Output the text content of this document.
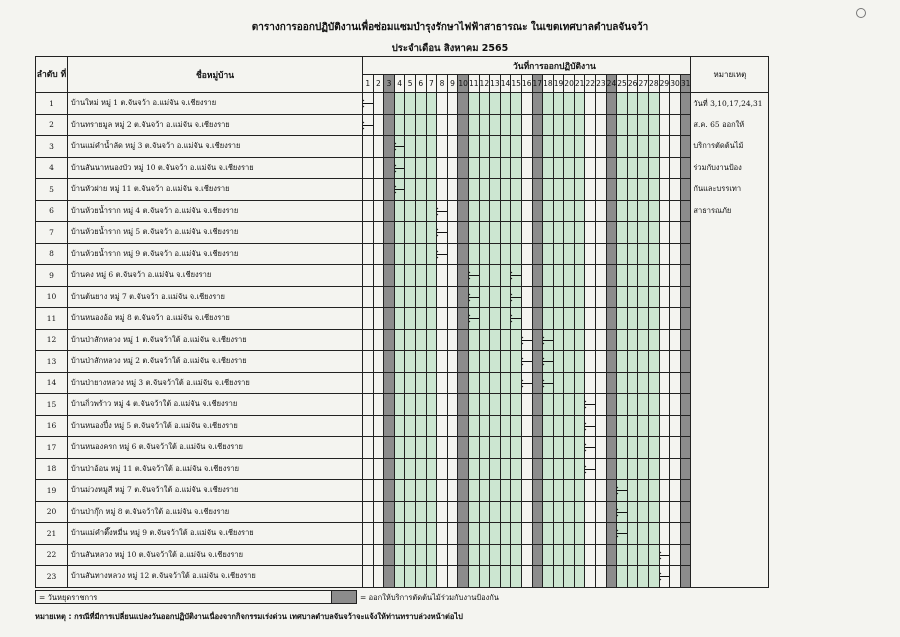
ตารางการออกปฏิบัติงานเพื่อซ่อมแซมบำรุงรักษาไฟฟ้าสาธารณะ ในเขตเทศบาลตำบลจันจว้า
ประจำเดือน สิงหาคม 2565
ลำดับ ที่	ชื่อหมู่บ้าน	วันที่การออกปฏิบัติงาน																															หมายเหตุ
		1	2	3	4	5	6	7	8	9	10	11	12	13	14	15	16	17	18	19	20	21	22	23	24	25	26	27	28	29	30	31	
1	บ้านใหม่ หมู่ 1 ต.จันจว้า อ.แม่จัน จ.เชียงราย																																วันที่ 3,10,17,24,31
2	บ้านทรายมูล หมู่ 2 ต.จันจว้า อ.แม่จัน จ.เชียงราย																																ส.ค. 65 ออกให้
3	บ้านแม่คำน้ำลัด หมู่ 3 ต.จันจว้า อ.แม่จัน จ.เชียงราย																																บริการตัดต้นไม้
4	บ้านสันนาหนองบัว หมู่ 10 ต.จันจว้า อ.แม่จัน จ.เชียงราย																																ร่วมกับงานป้อง
5	บ้านหัวฝาย หมู่ 11 ต.จันจว้า อ.แม่จัน จ.เชียงราย																																กันและบรรเทา
6	บ้านห้วยน้ำราก หมู่ 4 ต.จันจว้า อ.แม่จัน จ.เชียงราย																																สาธารณภัย
7	บ้านห้วยน้ำราก หมู่ 5 ต.จันจว้า อ.แม่จัน จ.เชียงราย								

8	บ้านห้วยน้ำราก หมู่ 9 ต.จันจว้า อ.แม่จัน จ.เชียงราย								

9	บ้านคง หมู่ 6 ต.จันจว้า อ.แม่จัน จ.เชียงราย											

10	บ้านต้นยาง หมู่ 7 ต.จันจว้า อ.แม่จัน จ.เชียงราย											

11	บ้านหนองอ้อ หมู่ 8 ต.จันจว้า อ.แม่จัน จ.เชียงราย											

12	บ้านป่าสักหลวง หมู่ 1 ต.จันจว้าใต้ อ.แม่จัน จ.เชียงราย																

13	บ้านป่าสักหลวง หมู่ 2 ต.จันจว้าใต้ อ.แม่จัน จ.เชียงราย																

14	บ้านป่ายางหลวง หมู่ 3 ต.จันจว้าใต้ อ.แม่จัน จ.เชียงราย																

15	บ้านกิ่วพร้าว หมู่ 4 ต.จันจว้าใต้ อ.แม่จัน จ.เชียงราย																						

16	บ้านหนองปึ๋ง หมู่ 5 ต.จันจว้าใต้ อ.แม่จัน จ.เชียงราย																						

17	บ้านหนองครก หมู่ 6 ต.จันจว้าใต้ อ.แม่จัน จ.เชียงราย																						

18	บ้านป่าอ้อน หมู่ 11 ต.จันจว้าใต้ อ.แม่จัน จ.เชียงราย																						

19	บ้านม่วงหมูสี หมู่ 7 ต.จันจว้าใต้ อ.แม่จัน จ.เชียงราย																									

20	บ้านป่ากุ๊ก หมู่ 8 ต.จันจว้าใต้ อ.แม่จัน จ.เชียงราย																									

21	บ้านแม่คำตึ๊งหมื่น หมู่ 9 ต.จันจว้าใต้ อ.แม่จัน จ.เชียงราย																									

22	บ้านสันหลวง หมู่ 10 ต.จันจว้าใต้ อ.แม่จัน จ.เชียงราย																													

23	บ้านสันทางหลวง หมู่ 12 ต.จันจว้าใต้ อ.แม่จัน จ.เชียงราย																													

= วันหยุดราชการ	= ออกให้บริการตัดต้นไม้ร่วมกับงานป้องกัน
หมายเหตุ : กรณีที่มีการเปลี่ยนแปลงวันออกปฏิบัติงานเนื่องจากกิจกรรมเร่งด่วน เทศบาลตำบลจันจว้าจะแจ้งให้ท่านทราบล่วงหน้าต่อไป
